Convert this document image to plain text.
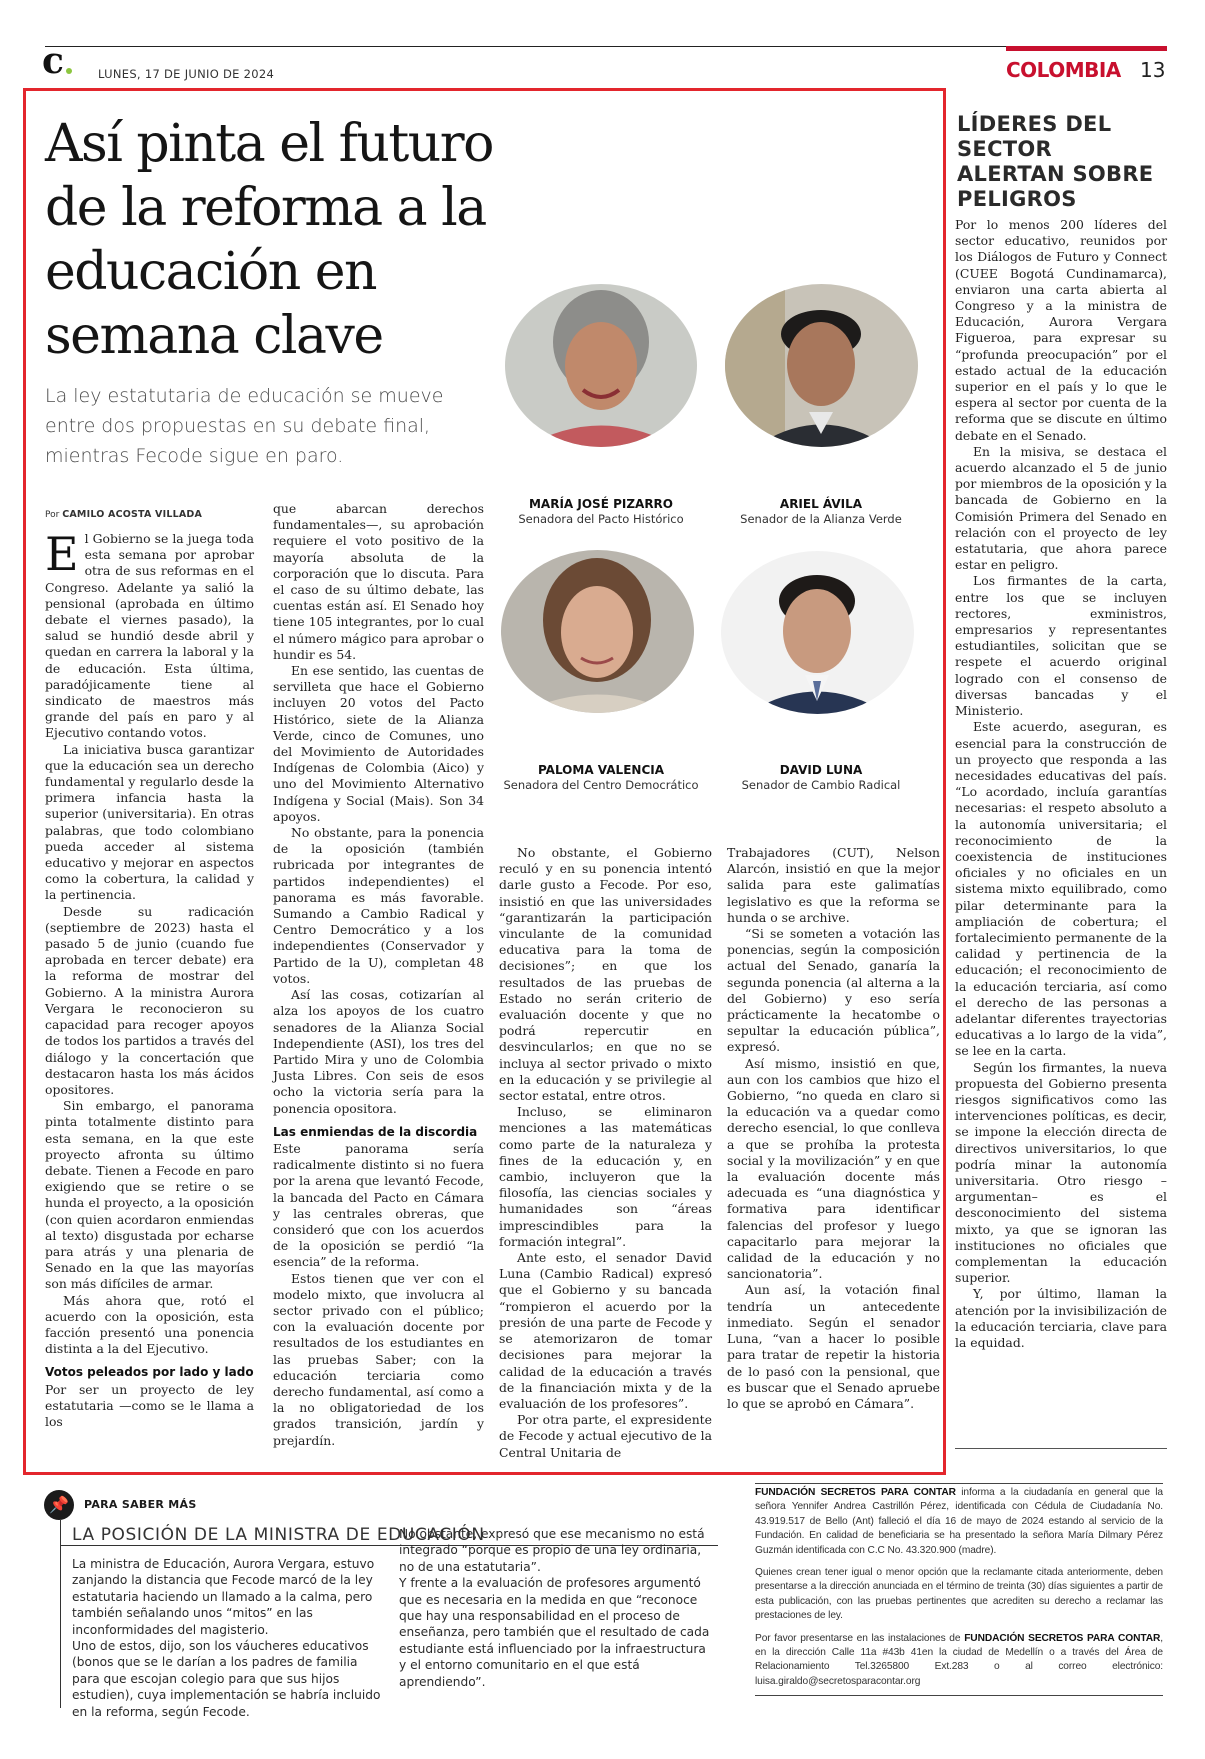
c	LUNES, 17 DE JUNIO DE 2024	COLOMBIA 13
Así pinta el futuro de la reforma a la educación en semana clave
La ley estatutaria de educación se mueve entre dos propuestas en su debate final, mientras Fecode sigue en paro.
Por CAMILO ACOSTA VILLADA
MARÍA JOSÉ PIZARRO
Senadora del Pacto Histórico
ARIEL ÁVILA
Senador de la Alianza Verde
PALOMA VALENCIA
Senadora del Centro Democrático
DAVID LUNA
Senador de Cambio Radical

El Gobierno se la juega toda esta semana por aprobar otra de sus reformas en el Congreso. Adelante ya salió la pensional (aprobada en último debate el viernes pasado), la salud se hundió desde abril y quedan en carrera la laboral y la de educación. Esta última, paradójicamente tiene al sindicato de maestros más grande del país en paro y al Ejecutivo contando votos.

La iniciativa busca garantizar que la educación sea un derecho fundamental y regularlo desde la primera infancia hasta la superior (universitaria). En otras palabras, que todo colombiano pueda acceder al sistema educativo y mejorar en aspectos como la cobertura, la calidad y la pertinencia.

Desde su radicación (septiembre de 2023) hasta el pasado 5 de junio (cuando fue aprobada en tercer debate) era la reforma de mostrar del Gobierno. A la ministra Aurora Vergara le reconocieron su capacidad para recoger apoyos de todos los partidos a través del diálogo y la concertación que destacaron hasta los más ácidos opositores.

Sin embargo, el panorama pinta totalmente distinto para esta semana, en la que este proyecto afronta su último debate. Tienen a Fecode en paro exigiendo que se retire o se hunda el proyecto, a la oposición (con quien acordaron enmiendas al texto) disgustada por echarse para atrás y una plenaria de Senado en la que las mayorías son más difíciles de armar.

Más ahora que, rotó el acuerdo con la oposición, esta facción presentó una ponencia distinta a la del Ejecutivo.

Votos peleados por lado y lado

Por ser un proyecto de ley estatutaria —como se le llama a los

que abarcan derechos fundamentales—, su aprobación requiere el voto positivo de la mayoría absoluta de la corporación que lo discuta. Para el caso de su último debate, las cuentas están así. El Senado hoy tiene 105 integrantes, por lo cual el número mágico para aprobar o hundir es 54.

En ese sentido, las cuentas de servilleta que hace el Gobierno incluyen 20 votos del Pacto Histórico, siete de la Alianza Verde, cinco de Comunes, uno del Movimiento de Autoridades Indígenas de Colombia (Aico) y uno del Movimiento Alternativo Indígena y Social (Mais). Son 34 apoyos.

No obstante, para la ponencia de la oposición (también rubricada por integrantes de partidos independientes) el panorama es más favorable. Sumando a Cambio Radical y Centro Democrático y a los independientes (Conservador y Partido de la U), completan 48 votos.

Así las cosas, cotizarían al alza los apoyos de los cuatro senadores de la Alianza Social Independiente (ASI), los tres del Partido Mira y uno de Colombia Justa Libres. Con seis de esos ocho la victoria sería para la ponencia opositora.

Las enmiendas de la discordia

Este panorama sería radicalmente distinto si no fuera por la arena que levantó Fecode, la bancada del Pacto en Cámara y las centrales obreras, que consideró que con los acuerdos de la oposición se perdió “la esencia” de la reforma.

Estos tienen que ver con el modelo mixto, que involucra al sector privado con el público; con la evaluación docente por resultados de los estudiantes en las pruebas Saber; con la educación terciaria como derecho fundamental, así como a la no obligatoriedad de los grados transición, jardín y prejardín.

No obstante, el Gobierno reculó y en su ponencia intentó darle gusto a Fecode. Por eso, insistió en que las universidades “garantizarán la participación vinculante de la comunidad educativa para la toma de decisiones”; en que los resultados de las pruebas de Estado no serán criterio de evaluación docente y que no podrá repercutir en desvincularlos; en que no se incluya al sector privado o mixto en la educación y se privilegie al sector estatal, entre otros.

Incluso, se eliminaron menciones a las matemáticas como parte de la naturaleza y fines de la educación y, en cambio, incluyeron que la filosofía, las ciencias sociales y humanidades son “áreas imprescindibles para la formación integral”.

Ante esto, el senador David Luna (Cambio Radical) expresó que el Gobierno y su bancada “rompieron el acuerdo por la presión de una parte de Fecode y se atemorizaron de tomar decisiones para mejorar la calidad de la educación a través de la financiación mixta y de la evaluación de los profesores”.

Por otra parte, el expresidente de Fecode y actual ejecutivo de la Central Unitaria de

Trabajadores (CUT), Nelson Alarcón, insistió en que la mejor salida para este galimatías legislativo es que la reforma se hunda o se archive.

“Si se someten a votación las ponencias, según la composición actual del Senado, ganaría la segunda ponencia (al alterna a la del Gobierno) y eso sería prácticamente la hecatombe o sepultar la educación pública”, expresó.

Así mismo, insistió en que, aun con los cambios que hizo el Gobierno, “no queda en claro si la educación va a quedar como derecho esencial, lo que conlleva a que se prohíba la protesta social y la movilización” y en que la evaluación docente más adecuada es “una diagnóstica y formativa para identificar falencias del profesor y luego capacitarlo para mejorar la calidad de la educación y no sancionatoria”.

Aun así, la votación final tendría un antecedente inmediato. Según el senador Luna, “van a hacer lo posible para tratar de repetir la historia de lo pasó con la pensional, que es buscar que el Senado apruebe lo que se aprobó en Cámara”.

LÍDERES DEL SECTOR ALERTAN SOBRE PELIGROS

Por lo menos 200 líderes del sector educativo, reunidos por los Diálogos de Futuro y Connect (CUEE Bogotá Cundinamarca), enviaron una carta abierta al Congreso y a la ministra de Educación, Aurora Vergara Figueroa, para expresar su “profunda preocupación” por el estado actual de la educación superior en el país y lo que le espera al sector por cuenta de la reforma que se discute en último debate en el Senado.

En la misiva, se destaca el acuerdo alcanzado el 5 de junio por miembros de la oposición y la bancada de Gobierno en la Comisión Primera del Senado en relación con el proyecto de ley estatutaria, que ahora parece estar en peligro.

Los firmantes de la carta, entre los que se incluyen rectores, exministros, empresarios y representantes estudiantiles, solicitan que se respete el acuerdo original logrado con el consenso de diversas bancadas y el Ministerio.

Este acuerdo, aseguran, es esencial para la construcción de un proyecto que responda a las necesidades educativas del país. “Lo acordado, incluía garantías necesarias: el respeto absoluto a la autonomía universitaria; el reconocimiento de la coexistencia de instituciones oficiales y no oficiales en un sistema mixto equilibrado, como pilar determinante para la ampliación de cobertura; el fortalecimiento permanente de la calidad y pertinencia de la educación; el reconocimiento de la educación terciaria, así como el derecho de las personas a adelantar diferentes trayectorias educativas a lo largo de la vida”, se lee en la carta.

Según los firmantes, la nueva propuesta del Gobierno presenta riesgos significativos como las intervenciones políticas, es decir, se impone la elección directa de directivos universitarios, lo que podría minar la autonomía universitaria. Otro riesgo –argumentan– es el desconocimiento del sistema mixto, ya que se ignoran las instituciones no oficiales que complementan la educación superior.

Y, por último, llaman la atención por la invisibilización de la educación terciaria, clave para la equidad.

📌	PARA SABER MÁS
LA POSICIÓN DE LA MINISTRA DE EDUCACIÓN

La ministra de Educación, Aurora Vergara, estuvo zanjando la distancia que Fecode marcó de la ley estatutaria haciendo un llamado a la calma, pero también señalando unos “mitos” en las inconformidades del magisterio.

Uno de estos, dijo, son los váucheres educativos (bonos que se le darían a los padres de familia para que escojan colegio para que sus hijos estudien), cuya implementación se habría incluido en la reforma, según Fecode.

No obstante, expresó que ese mecanismo no está integrado “porque es propio de una ley ordinaria, no de una estatutaria”.

Y frente a la evaluación de profesores argumentó que es necesaria en la medida en que “reconoce que hay una responsabilidad en el proceso de enseñanza, pero también que el resultado de cada estudiante está influenciado por la infraestructura y el entorno comunitario en el que está aprendiendo”.

FUNDACIÓN SECRETOS PARA CONTAR informa a la ciudadanía en general que la señora Yennifer Andrea Castrillón Pérez, identificada con Cédula de Ciudadanía No. 43.919.517 de Bello (Ant) falleció el día 16 de mayo de 2024 estando al servicio de la Fundación. En calidad de beneficiaria se ha presentado la señora María Dilmary Pérez Guzmán identificada con C.C No. 43.320.900 (madre).

Quienes crean tener igual o menor opción que la reclamante citada anteriormente, deben presentarse a la dirección anunciada en el término de treinta (30) días siguientes a partir de esta publicación, con las pruebas pertinentes que acrediten su derecho a reclamar las prestaciones de ley.

Por favor presentarse en las instalaciones de FUNDACIÓN SECRETOS PARA CONTAR, en la dirección Calle 11a #43b 41en la ciudad de Medellín o a través del Área de Relacionamiento Tel.3265800 Ext.283 o al correo electrónico: luisa.giraldo@secretosparacontar.org
